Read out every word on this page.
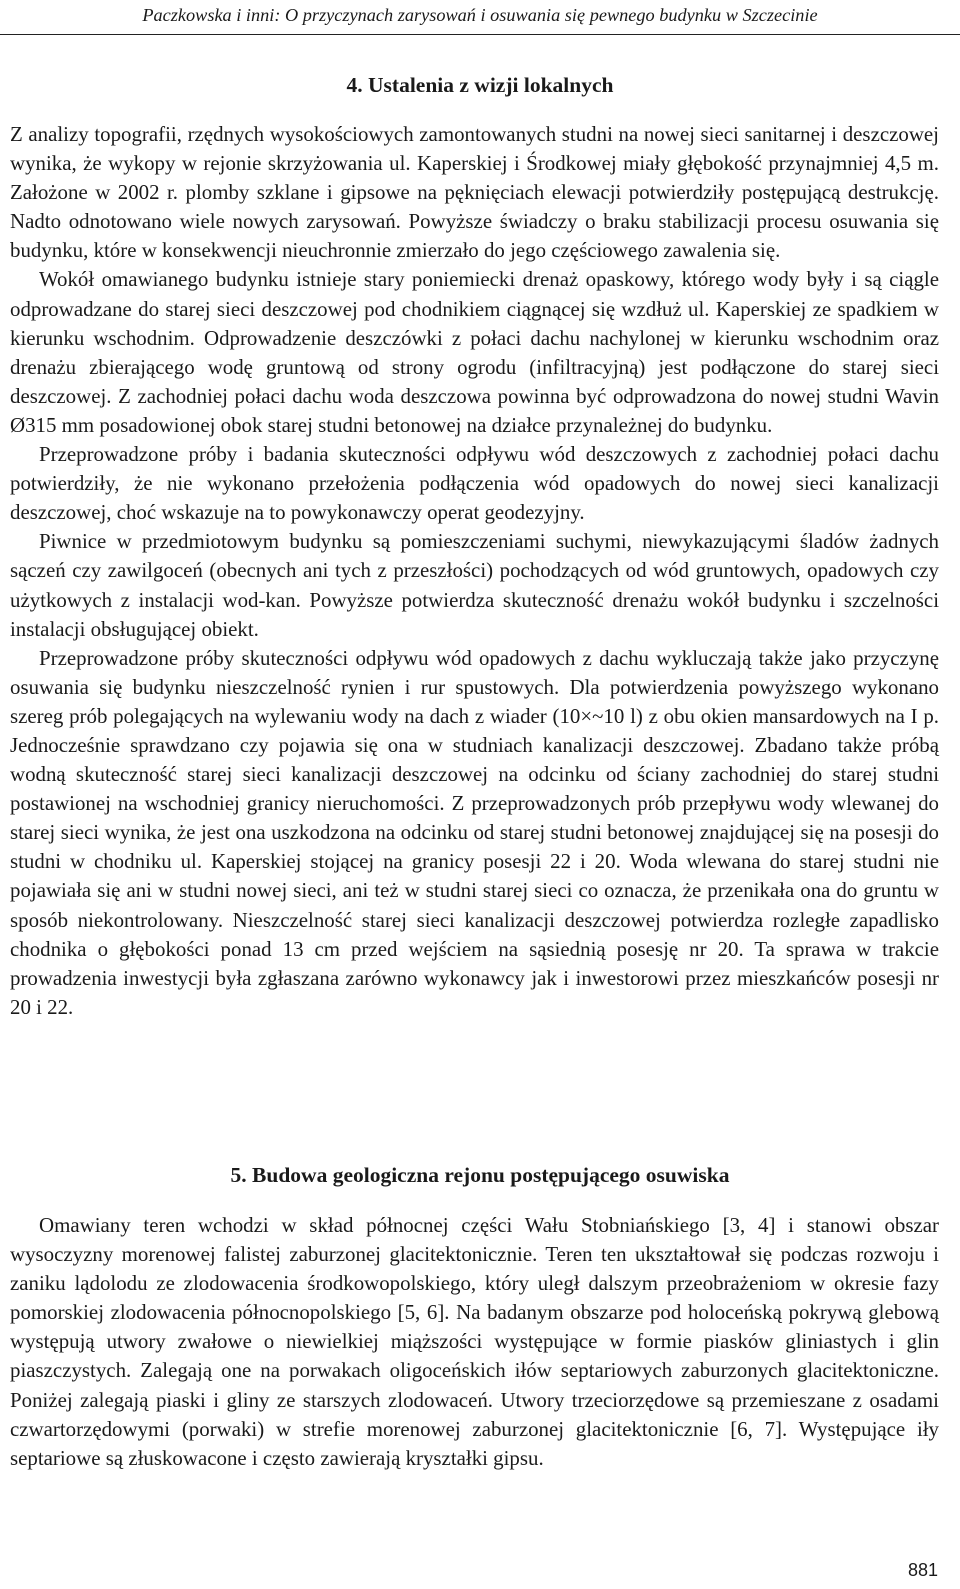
Paczkowska i inni: O przyczynach zarysowań i osuwania się pewnego budynku w Szczecinie
4. Ustalenia z wizji lokalnych

Z analizy topografii, rzędnych wysokościowych zamontowanych studni na nowej sieci sanitarnej i deszczowej wynika, że wykopy w rejonie skrzyżowania ul. Kaperskiej i Środkowej miały głębokość przynajmniej 4,5 m. Założone w 2002 r. plomby szklane i gipsowe na pęknięciach elewacji potwierdziły postępującą destrukcję. Nadto odnotowano wiele nowych zarysowań. Powyższe świadczy o braku stabilizacji procesu osuwania się budynku, które w konsekwencji nieuchronnie zmierzało do jego częściowego zawalenia się.

Wokół omawianego budynku istnieje stary poniemiecki drenaż opaskowy, którego wody były i są ciągle odprowadzane do starej sieci deszczowej pod chodnikiem ciągnącej się wzdłuż ul. Kaperskiej ze spadkiem w kierunku wschodnim. Odprowadzenie deszczówki z połaci dachu nachylonej w kierunku wschodnim oraz drenażu zbierającego wodę gruntową od strony ogrodu (infiltracyjną) jest podłączone do starej sieci deszczowej. Z zachodniej połaci dachu woda deszczowa powinna być odprowadzona do nowej studni Wavin Ø315 mm posadowionej obok starej studni betonowej na działce przynależnej do budynku.

Przeprowadzone próby i badania skuteczności odpływu wód deszczowych z zachodniej połaci dachu potwierdziły, że nie wykonano przełożenia podłączenia wód opadowych do nowej sieci kanalizacji deszczowej, choć wskazuje na to powykonawczy operat geodezyjny.

Piwnice w przedmiotowym budynku są pomieszczeniami suchymi, niewykazującymi śladów żadnych sączeń czy zawilgoceń (obecnych ani tych z przeszłości) pochodzących od wód gruntowych, opadowych czy użytkowych z instalacji wod-kan. Powyższe potwierdza skuteczność drenażu wokół budynku i szczelności instalacji obsługującej obiekt.

Przeprowadzone próby skuteczności odpływu wód opadowych z dachu wykluczają także jako przyczynę osuwania się budynku nieszczelność rynien i rur spustowych. Dla potwierdzenia powyższego wykonano szereg prób polegających na wylewaniu wody na dach z wiader (10×~10 l) z obu okien mansardowych na I p. Jednocześnie sprawdzano czy pojawia się ona w studniach kanalizacji deszczowej. Zbadano także próbą wodną skuteczność starej sieci kanalizacji deszczowej na odcinku od ściany zachodniej do starej studni postawionej na wschodniej granicy nieruchomości. Z przeprowadzonych prób przepływu wody wlewanej do starej sieci wynika, że jest ona uszkodzona na odcinku od starej studni betonowej znajdującej się na posesji do studni w chodniku ul. Kaperskiej stojącej na granicy posesji 22 i 20. Woda wlewana do starej studni nie pojawiała się ani w studni nowej sieci, ani też w studni starej sieci co oznacza, że przenikała ona do gruntu w sposób niekontrolowany. Nieszczelność starej sieci kanalizacji deszczowej potwierdza rozległe zapadlisko chodnika o głębokości ponad 13 cm przed wejściem na sąsiednią posesję nr 20. Ta sprawa w trakcie prowadzenia inwestycji była zgłaszana zarówno wykonawcy jak i inwestorowi przez mieszkańców posesji nr 20 i 22.

5. Budowa geologiczna rejonu postępującego osuwiska

Omawiany teren wchodzi w skład północnej części Wału Stobniańskiego [3, 4] i stanowi obszar wysoczyzny morenowej falistej zaburzonej glacitektonicznie. Teren ten ukształtował się podczas rozwoju i zaniku lądolodu ze zlodowacenia środkowopolskiego, który uległ dalszym przeobrażeniom w okresie fazy pomorskiej zlodowacenia północnopolskiego [5, 6]. Na badanym obszarze pod holoceńską pokrywą glebową występują utwory zwałowe o niewielkiej miąższości występujące w formie piasków gliniastych i glin piaszczystych. Zalegają one na porwakach oligoceńskich iłów septariowych zaburzonych glacitektoniczne. Poniżej zalegają piaski i gliny ze starszych zlodowaceń. Utwory trzeciorzędowe są przemieszane z osadami czwartorzędowymi (porwaki) w strefie morenowej zaburzonej glacitektonicznie [6, 7]. Występujące iły septariowe są złuskowacone i często zawierają kryształki gipsu.

881
